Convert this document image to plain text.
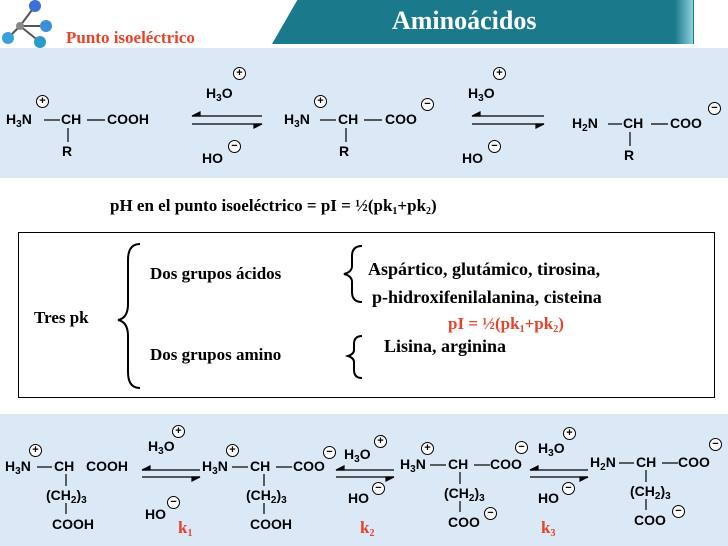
Punto isoeléctrico
Aminoácidos
$H_3N$
+
CH COOH
R
$H_3O$
+
HO
−
$H_3N$
+
CH COO
−
R
$H_3O$
+
HO
−
$H_2N$ CH COO
−
R
pH en el punto isoeléctrico = pI = $\frac{1}{2}(pk_1+pk_2)$
Tres pk
Dos grupos ácidos
Dos grupos amino
Aspártico, glutámico, tirosina,
p-hidroxifenilalanina, cisteina
pI = $\frac{1}{2}(pk_1+pk_2)$
Lisina, arginina
$H_3N$
+
CH COOH
$(CH_2)_3$
COOH
$H_3O$
+
HO
−
$k_1$
$H_3N$
+
CH COO
−
$(CH_2)_3$
COOH
$H_3O$
+
HO
−
$k_2$
$H_3N$
+
CH COO
$(CH_2)_3$
COO
−
$H_3O$
+
−
HO
−
$k_3$
$H_2N$ CH COO
−
$(CH_2)_3$
COO
−
